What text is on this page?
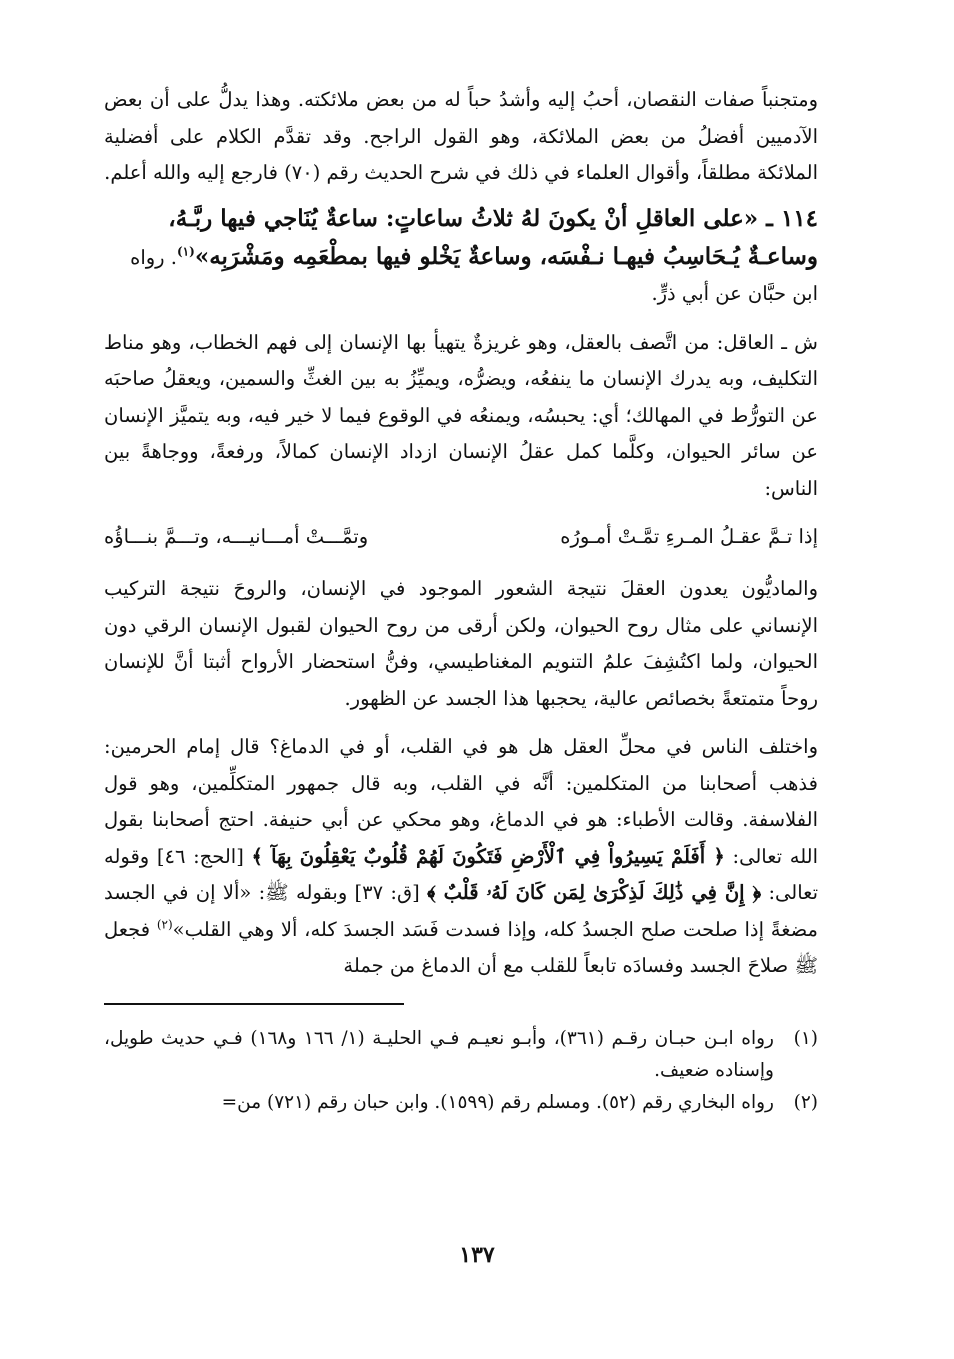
ومتجنباً صفات النقصان، أحبُ إليه وأشدُ حباً له من بعض ملائكته. وهذا يدلُّ على أن بعض الآدميين أفضلُ من بعض الملائكة، وهو القول الراجح. وقد تقدَّم الكلام على أفضلية الملائكة مطلقاً، وأقوال العلماء في ذلك في شرح الحديث رقم (٧٠) فارجع إليه والله أعلم.

١١٤ ـ «على العاقلِ أنْ يكونَ لهُ ثلاثُ ساعاتٍ: ساعةٌ يُنَاجي فيها ربَّـهُ، وساعـةٌ يُـحَاسِبُ فيهـا نـفْسَه، وساعةٌ يَخْلو فيها بمطْعَمِه ومَشْرَبِه»$^{(١)}$. رواه

ابن حبَّان عن أبي ذرٍّ.

ش ـ العاقل: من اتَّصف بالعقل، وهو غريزةٌ يتهيأ بها الإنسان إلى فهم الخطاب، وهو مناط التكليف، وبه يدرك الإنسان ما ينفعُه، ويضرُّه، ويميِّزُ به بين الغثِّ والسمين، ويعقلُ صاحبَه عن التورُّط في المهالك؛ أي: يحبسُه، ويمنعُه في الوقوع فيما لا خير فيه، وبه يتميَّز الإنسان عن سائر الحيوان، وكلَّما كمل عقلُ الإنسان ازداد الإنسان كمالاً، ورفعةً، ووجاهةً بين الناس:

إذا تـمَّ عقـلُ المـرءِ تمَّـتْ أمـورُه
وتمَّـــتْ أمـــانيـــه، وتـــمَّ بنـــاؤُه

والماديُّون يعدون العقلَ نتيجة الشعور الموجود في الإنسان، والروحَ نتيجة التركيب الإنساني على مثال روح الحيوان، ولكن أرقى من روح الحيوان لقبول الإنسان الرقي دون الحيوان، ولما اكتُشِفَ علمُ التنويم المغناطيسي، وفنُّ استحضار الأرواح أثبتا أنَّ للإنسان روحاً متمتعةً بخصائص عالية، يحجبها هذا الجسد عن الظهور.

واختلف الناس في محلِّ العقل هل هو في القلب، أو في الدماغ؟ قال إمام الحرمين: فذهب أصحابنا من المتكلمين: أنَّه في القلب، وبه قال جمهور المتكلِّمين، وهو قول الفلاسفة. وقالت الأطباء: هو في الدماغ، وهو محكي عن أبي حنيفة. احتج أصحابنا بقول الله تعالى: ﴿ أَفَلَمْ يَسِيرُواْ فِي ٱلْأَرْضِ فَتَكُونَ لَهُمْ قُلُوبٌ يَعْقِلُونَ بِهَآ ﴾ [الحج: ٤٦] وقوله تعالى: ﴿ إِنَّ فِي ذَٰلِكَ لَذِكْرَىٰ لِمَن كَانَ لَهُۥ قَلْبٌ ﴾ [ق: ٣٧] وبقوله ﷺ: «ألا إن في الجسد مضغةً إذا صلحت صلح الجسدُ كله، وإذا فسدت فَسَد الجسدَ كله، ألا وهي القلب»$^{(٢)}$ فجعل ﷺ صلاحَ الجسد وفسادَه تابعاً للقلب مع أن الدماغ من جملة

(١)
رواه ابـن حبـان رقـم (٣٦١)، وأبـو نعيـم فـي الحليـة (١/ ١٦٦ و١٦٨) فـي حديث طويل، وإسناده ضعيف.

(٢)
رواه البخاري رقم (٥٢). ومسلم رقم (١٥٩٩). وابن حبان رقم (٧٢١) من=

١٣٧
